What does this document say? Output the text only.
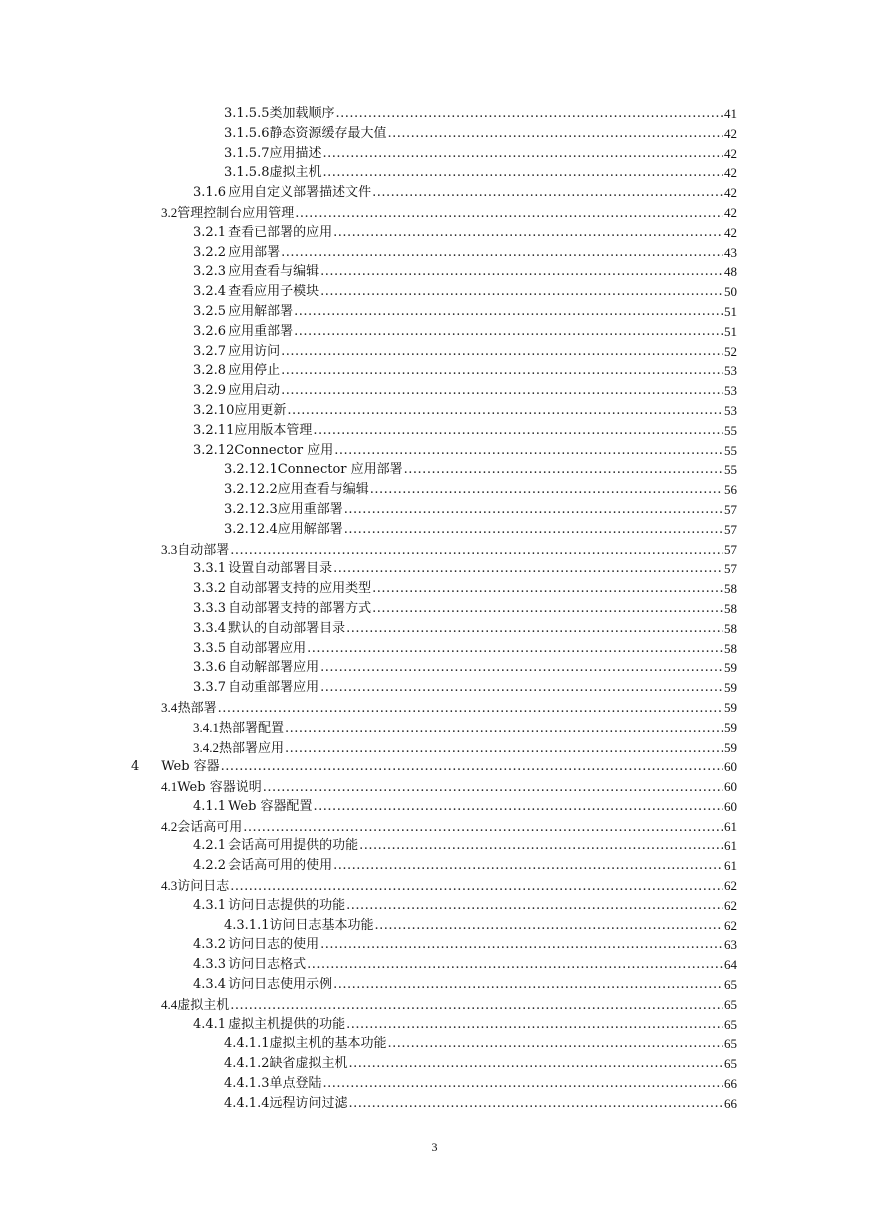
3.1.5.5 类加载顺序 .....	41
3.1.5.6 静态资源缓存最大值 .....	42
3.1.5.7 应用描述 .....	42
3.1.5.8 虚拟主机 .....	42
3.1.6 应用自定义部署描述文件 .....	42
3.2 管理控制台应用管理 .....	42
3.2.1 查看已部署的应用 .....	42
3.2.2 应用部署 .....	43
3.2.3 应用查看与编辑 .....	48
3.2.4 查看应用子模块 .....	50
3.2.5 应用解部署 .....	51
3.2.6 应用重部署 .....	51
3.2.7 应用访问 .....	52
3.2.8 应用停止 .....	53
3.2.9 应用启动 .....	53
3.2.10 应用更新 .....	53
3.2.11 应用版本管理 .....	55
3.2.12 Connector 应用 .....	55
3.2.12.1 Connector 应用部署 .....	55
3.2.12.2 应用查看与编辑 .....	56
3.2.12.3 应用重部署 .....	57
3.2.12.4 应用解部署 .....	57
3.3 自动部署 .....	57
3.3.1 设置自动部署目录 .....	57
3.3.2 自动部署支持的应用类型 .....	58
3.3.3 自动部署支持的部署方式 .....	58
3.3.4 默认的自动部署目录 .....	58
3.3.5 自动部署应用 .....	58
3.3.6 自动解部署应用 .....	59
3.3.7 自动重部署应用 .....	59
3.4 热部署 .....	59
3.4.1 热部署配置 .....	59
3.4.2 热部署应用 .....	59
4	Web 容器 .....	60
4.1 Web 容器说明 .....	60
4.1.1 Web 容器配置 .....	60
4.2 会话高可用 .....	61
4.2.1 会话高可用提供的功能 .....	61
4.2.2 会话高可用的使用 .....	61
4.3 访问日志 .....	62
4.3.1 访问日志提供的功能 .....	62
4.3.1.1 访问日志基本功能 .....	62
4.3.2 访问日志的使用 .....	63
4.3.3 访问日志格式 .....	64
4.3.4 访问日志使用示例 .....	65
4.4 虚拟主机 .....	65
4.4.1 虚拟主机提供的功能 .....	65
4.4.1.1 虚拟主机的基本功能 .....	65
4.4.1.2 缺省虚拟主机 .....	65
4.4.1.3 单点登陆 .....	66
4.4.1.4 远程访问过滤 .....	66
3
